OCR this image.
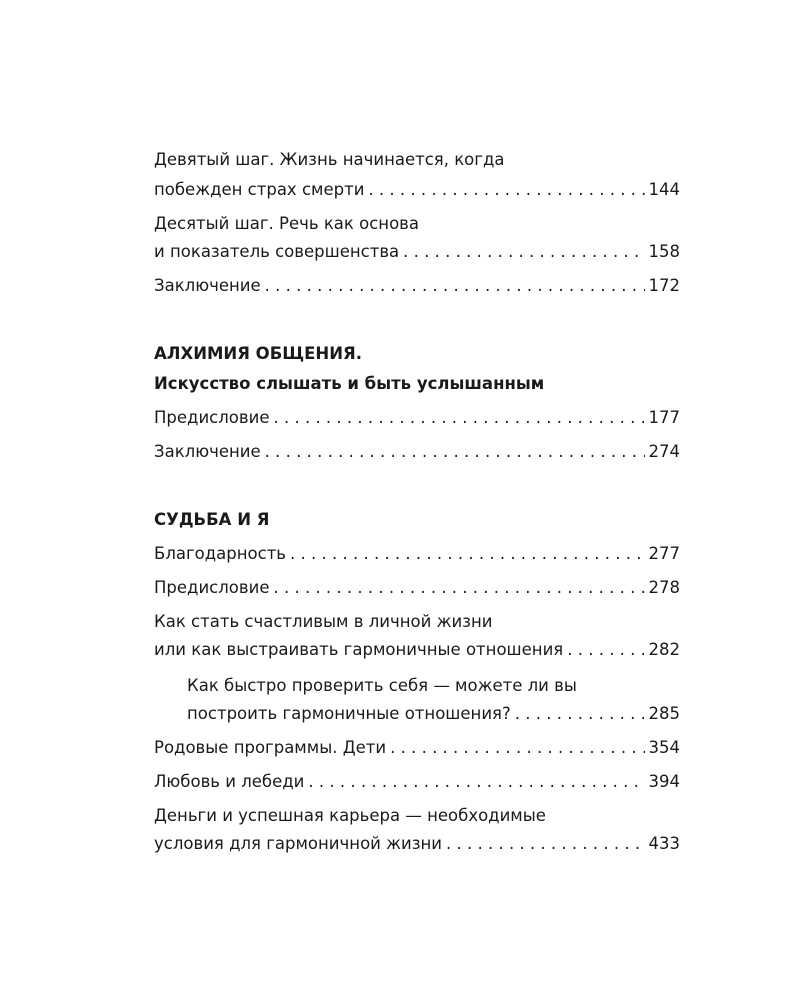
Девятый шаг. Жизнь начинается, когда
побежден страх смерти . . .	144
Десятый шаг. Речь как основа
и показатель совершенства . . .	158
Заключение . . .	172
АЛХИМИЯ ОБЩЕНИЯ.
Искусство слышать и быть услышанным
Предисловие . . .	177
Заключение . . .	274
СУДЬБА И Я
Благодарность . . .	277
Предисловие . . .	278
Как стать счастливым в личной жизни
или как выстраивать гармоничные отношения . . .	282
Как быстро проверить себя — можете ли вы
построить гармоничные отношения? . . .	285
Родовые программы. Дети . . .	354
Любовь и лебеди . . .	394
Деньги и успешная карьера — необходимые
условия для гармоничной жизни . . .	433
